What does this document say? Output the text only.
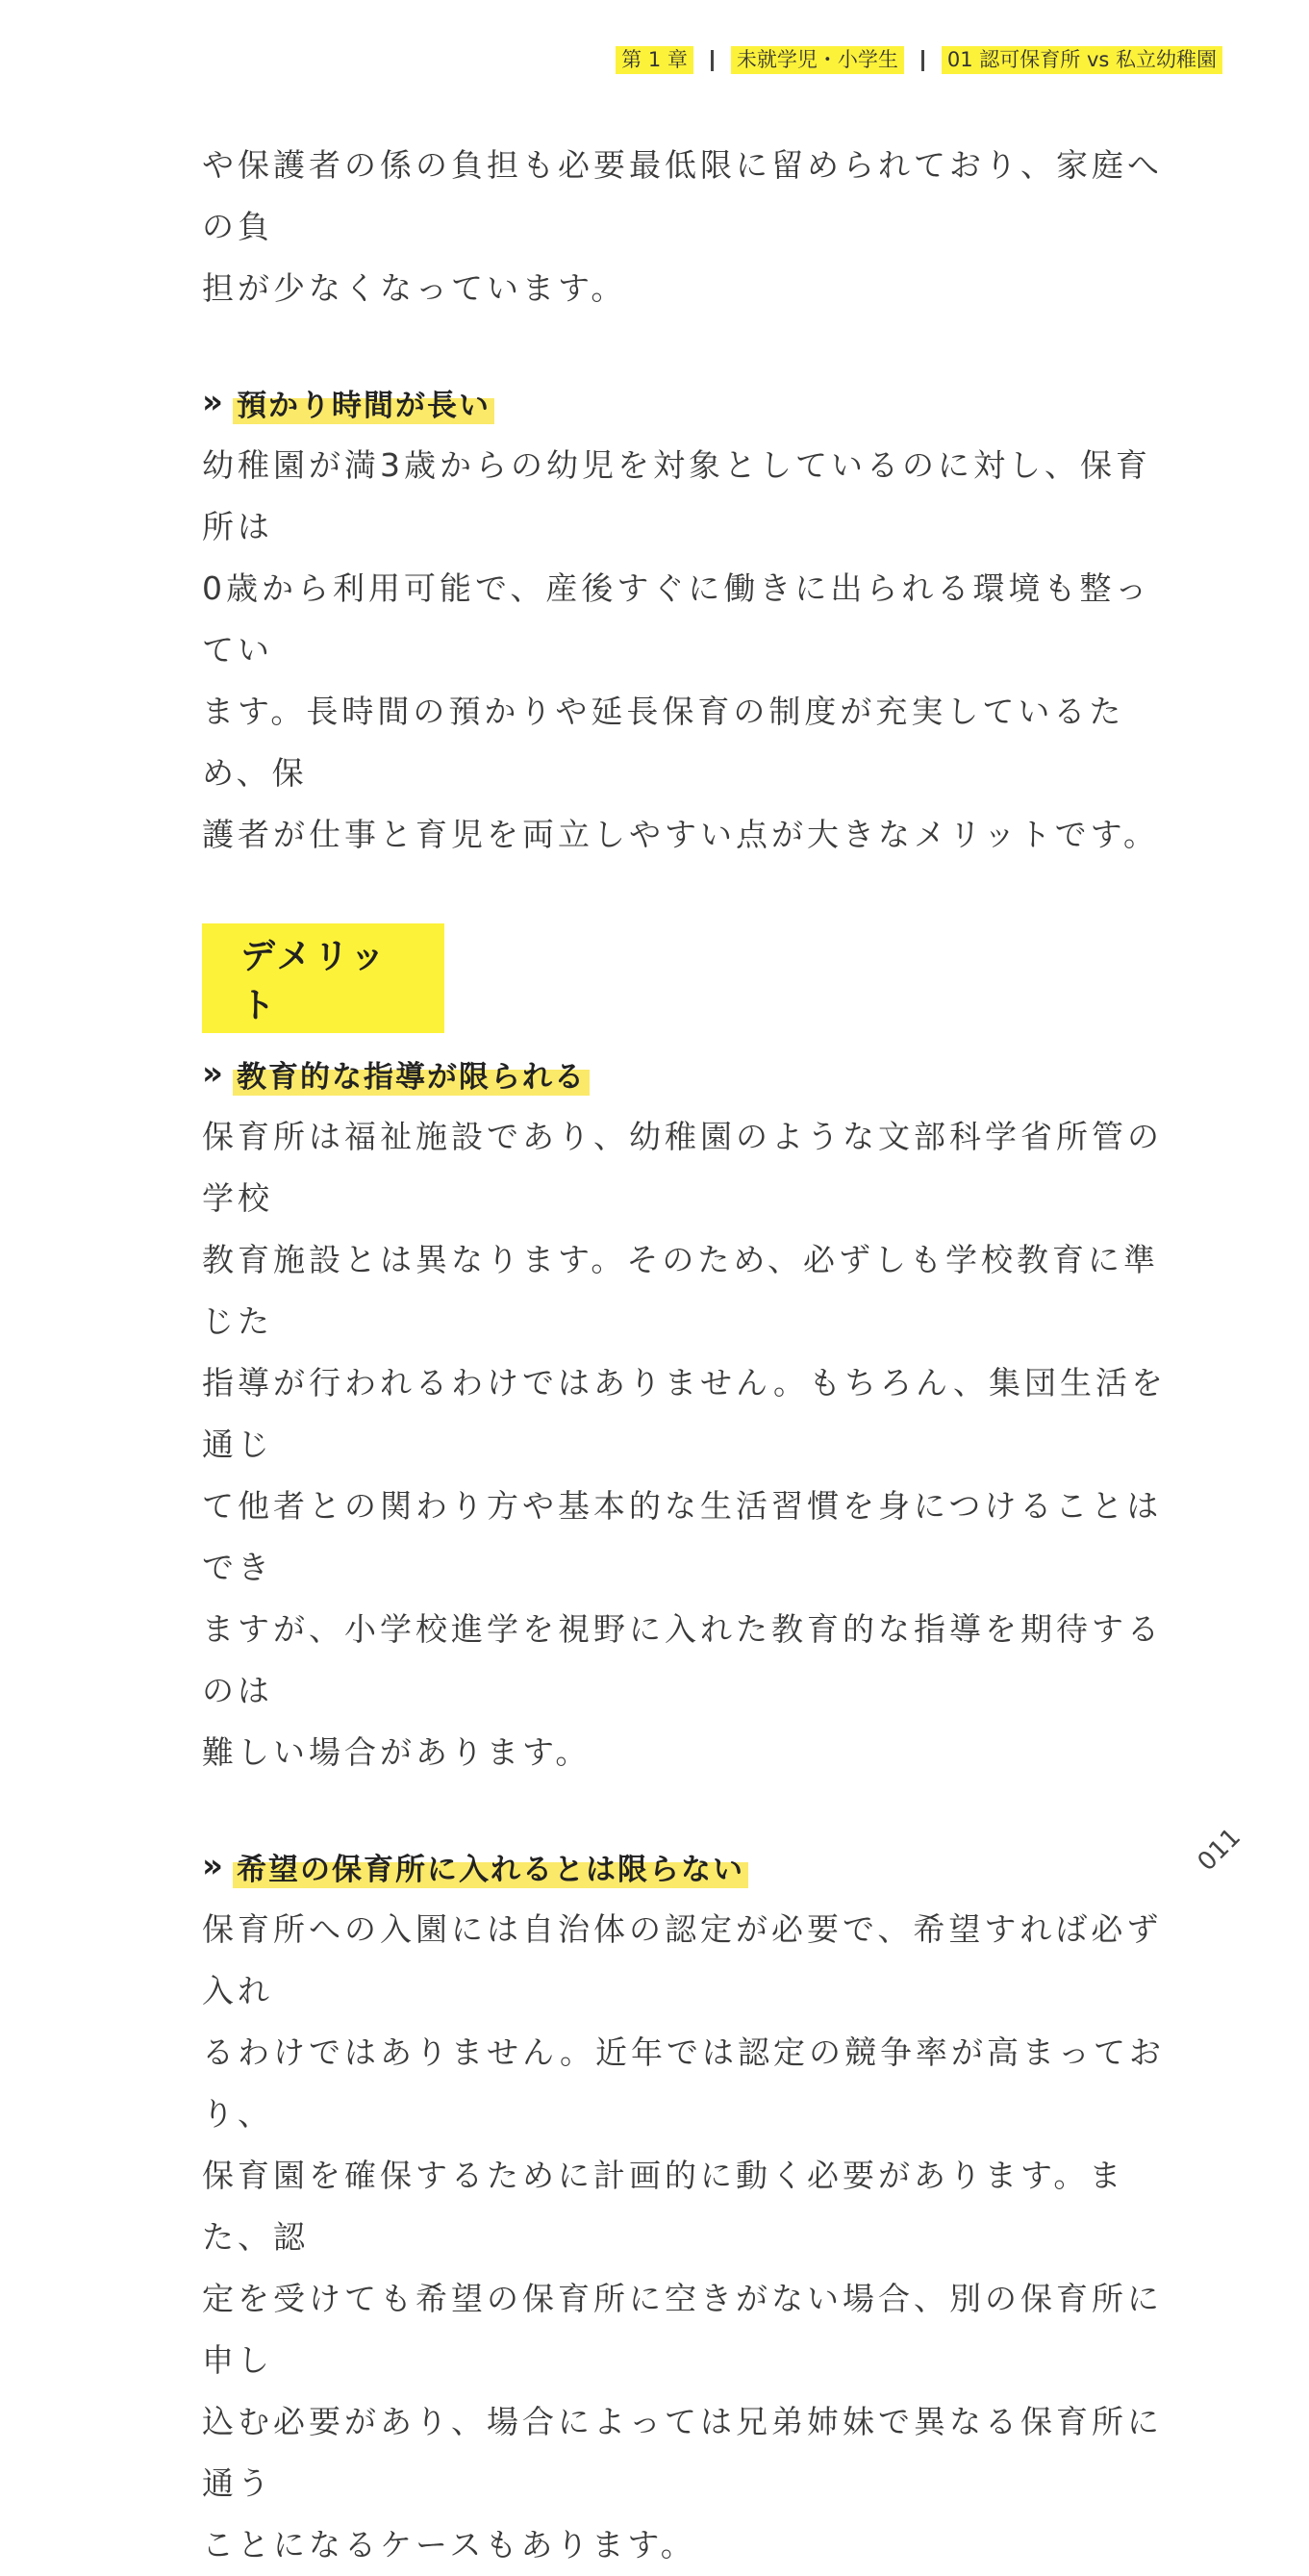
第 1 章 未就学児・小学生 01 認可保育所 vs 私立幼稚園

や保護者の係の負担も必要最低限に留められており、家庭への負

担が少なくなっています。

» 預かり時間が長い

幼稚園が満3歳からの幼児を対象としているのに対し、保育所は

0歳から利用可能で、産後すぐに働きに出られる環境も整ってい

ます。長時間の預かりや延長保育の制度が充実しているため、保

護者が仕事と育児を両立しやすい点が大きなメリットです。

デメリット
» 教育的な指導が限られる

保育所は福祉施設であり、幼稚園のような文部科学省所管の学校

教育施設とは異なります。そのため、必ずしも学校教育に準じた

指導が行われるわけではありません。もちろん、集団生活を通じ

て他者との関わり方や基本的な生活習慣を身につけることはでき

ますが、小学校進学を視野に入れた教育的な指導を期待するのは

難しい場合があります。

» 希望の保育所に入れるとは限らない

保育所への入園には自治体の認定が必要で、希望すれば必ず入れ

るわけではありません。近年では認定の競争率が高まっており、

保育園を確保するために計画的に動く必要があります。また、認

定を受けても希望の保育所に空きがない場合、別の保育所に申し

込む必要があり、場合によっては兄弟姉妹で異なる保育所に通う

ことになるケースもあります。

011
